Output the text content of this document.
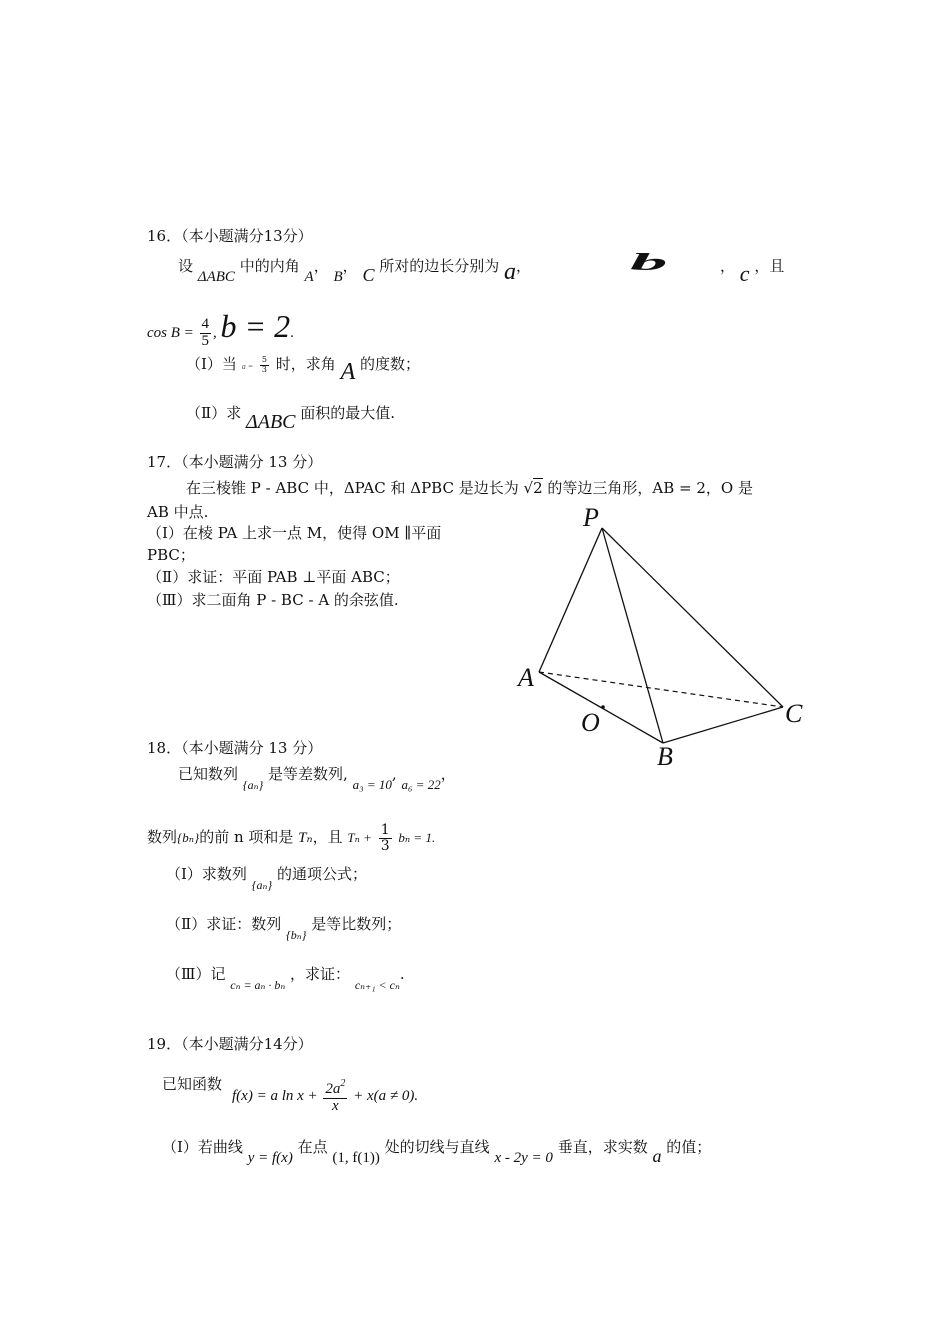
16．（本小题满分13分）
设 ΔABC 中的内角 A， B， C 所对的边长分别为 a，	b	， c ，且
$\cos B = \frac{4}{5}$ , b = 2.
（Ⅰ）当 $a = \frac{5}{3}$ 时，求角 A 的度数；
（Ⅱ）求 ΔABC 面积的最大值.
17．（本小题满分 13 分）
在三棱锥 P - ABC 中，ΔPAC 和 ΔPBC 是边长为 √2 的等边三角形，AB = 2，O 是
AB 中点.
（Ⅰ）在棱 PA 上求一点 M，使得 OM ∥平面
PBC；
（Ⅱ）求证：平面 PAB ⊥平面 ABC；
（Ⅲ）求二面角 P - BC - A 的余弦值.
P
A
B
C
O
18．（本小题满分 13 分）
已知数列 $_{\{a_n\}}$ 是等差数列, a₃ = 10, a₆ = 22，
数列{bₙ}的前 n 项和是 Tₙ，且 $T_n + \frac{1}{3}$ bₙ = 1.
（Ⅰ）求数列 $_{\{a_n\}}$ 的通项公式；
（Ⅱ）求证：数列 $_{\{b_n\}}$ 是等比数列；
（Ⅲ）记 $_{c_n = a_n \cdot b_n}$ ，求证： $_{c_{n+1} < c_n}$.
19．（本小题满分14分）
已知函数
f(x) = a $\ln x + \frac{2a^2}{x} + x(a \ne 0)$.
（Ⅰ）若曲线 y = f(x) 在点 (1, f(1)) 处的切线与直线 x - 2y = 0 垂直，求实数 a 的值；
